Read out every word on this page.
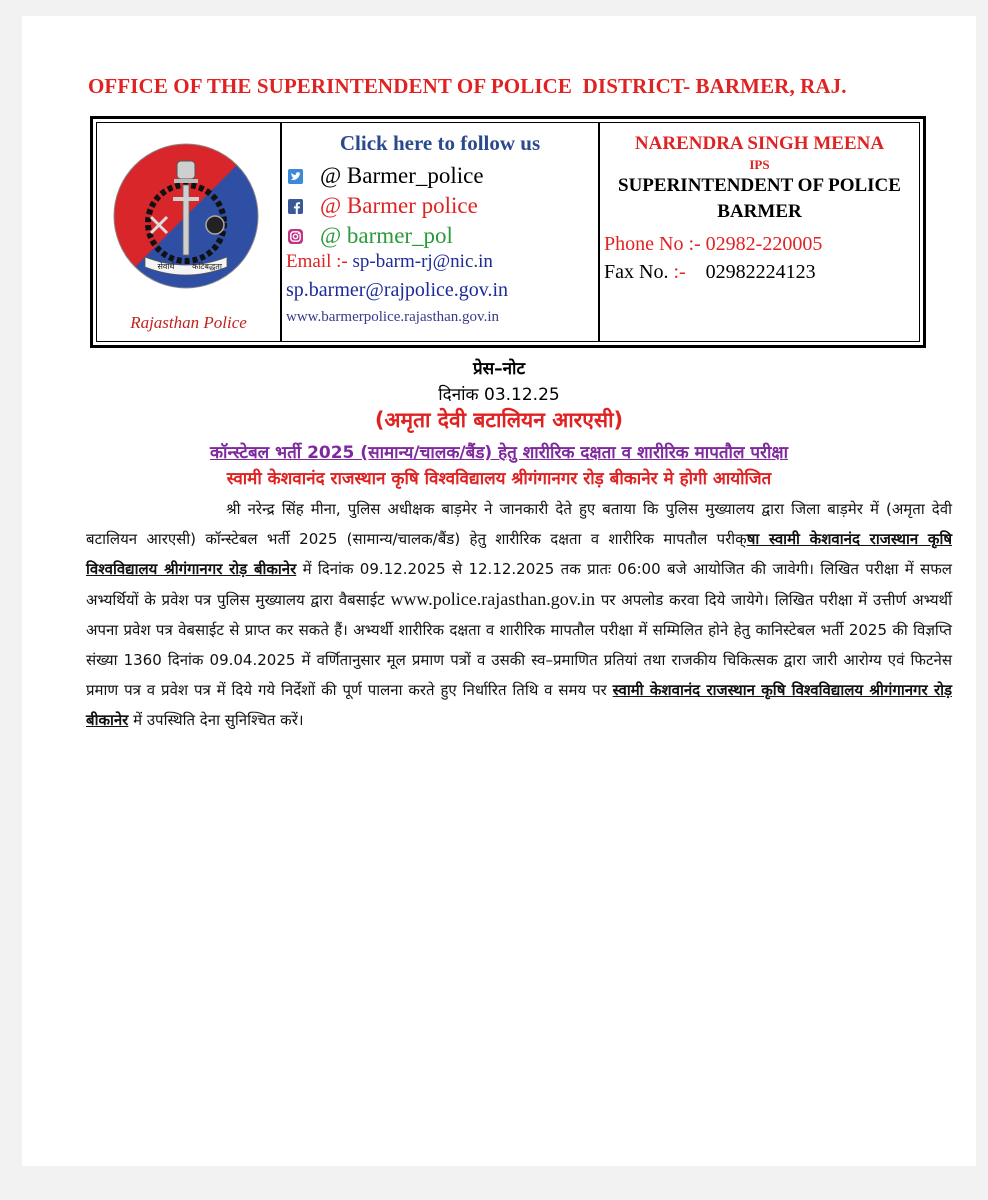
OFFICE OF THE SUPERINTENDENT OF POLICE  DISTRICT- BARMER, RAJ.
सेवार्थ कटिबद्धता
Rajasthan Police
Click here to follow us
@ Barmer_police
@ Barmer police
@ barmer_pol
Email :- sp-barm-rj@nic.in
sp.barmer@rajpolice.gov.in
www.barmerpolice.rajasthan.gov.in
NARENDRA SINGH MEENA
IPS
SUPERINTENDENT OF POLICE
BARMER
Phone No :- 02982-220005
Fax No. :-    02982224123
प्रेस–नोट
दिनांक 03.12.25
(अमृता देवी बटालियन आरएसी)
कॉन्स्टेबल भर्ती 2025 (सामान्य/चालक/बैंड) हेतु शारीरिक दक्षता व शारीरिक मापतौल परीक्षा
स्वामी केशवानंद राजस्थान कृषि विश्वविद्यालय श्रीगंगानगर रोड़ बीकानेर मे होगी आयोजित
श्री नरेन्द्र सिंह मीना, पुलिस अधीक्षक बाड़मेर ने जानकारी देते हुए बताया कि पुलिस मुख्यालय द्वारा जिला बाड़मेर में (अमृता देवी बटालियन आरएसी) कॉन्स्टेबल भर्ती 2025 (सामान्य/चालक/बैंड) हेतु शारीरिक दक्षता व शारीरिक मापतौल परीक्षा स्वामी केशवानंद राजस्थान कृषि विश्वविद्यालय श्रीगंगानगर रोड़ बीकानेर में दिनांक 09.12.2025 से 12.12.2025 तक प्रातः 06:00 बजे आयोजित की जावेगी। लिखित परीक्षा में सफल अभ्यर्थियों के प्रवेश पत्र पुलिस मुख्यालय द्वारा वैबसाईट www.police.rajasthan.gov.in पर अपलोड करवा दिये जायेगे। लिखित परीक्षा में उत्तीर्ण अभ्यर्थी अपना प्रवेश पत्र वेबसाईट से प्राप्त कर सकते हैं। अभ्यर्थी शारीरिक दक्षता व शारीरिक मापतौल परीक्षा में सम्मिलित होने हेतु कानिस्टेबल भर्ती 2025 की विज्ञप्ति संख्या 1360 दिनांक 09.04.2025 में वर्णितानुसार मूल प्रमाण पत्रों व उसकी स्व–प्रमाणित प्रतियां तथा राजकीय चिकित्सक द्वारा जारी आरोग्य एवं फिटनेस प्रमाण पत्र व प्रवेश पत्र में दिये गये निर्देशों की पूर्ण पालना करते हुए निर्धारित तिथि व समय पर स्वामी केशवानंद राजस्थान कृषि विश्वविद्यालय श्रीगंगानगर रोड़ बीकानेर में उपस्थिति देना सुनिश्चित करें।
